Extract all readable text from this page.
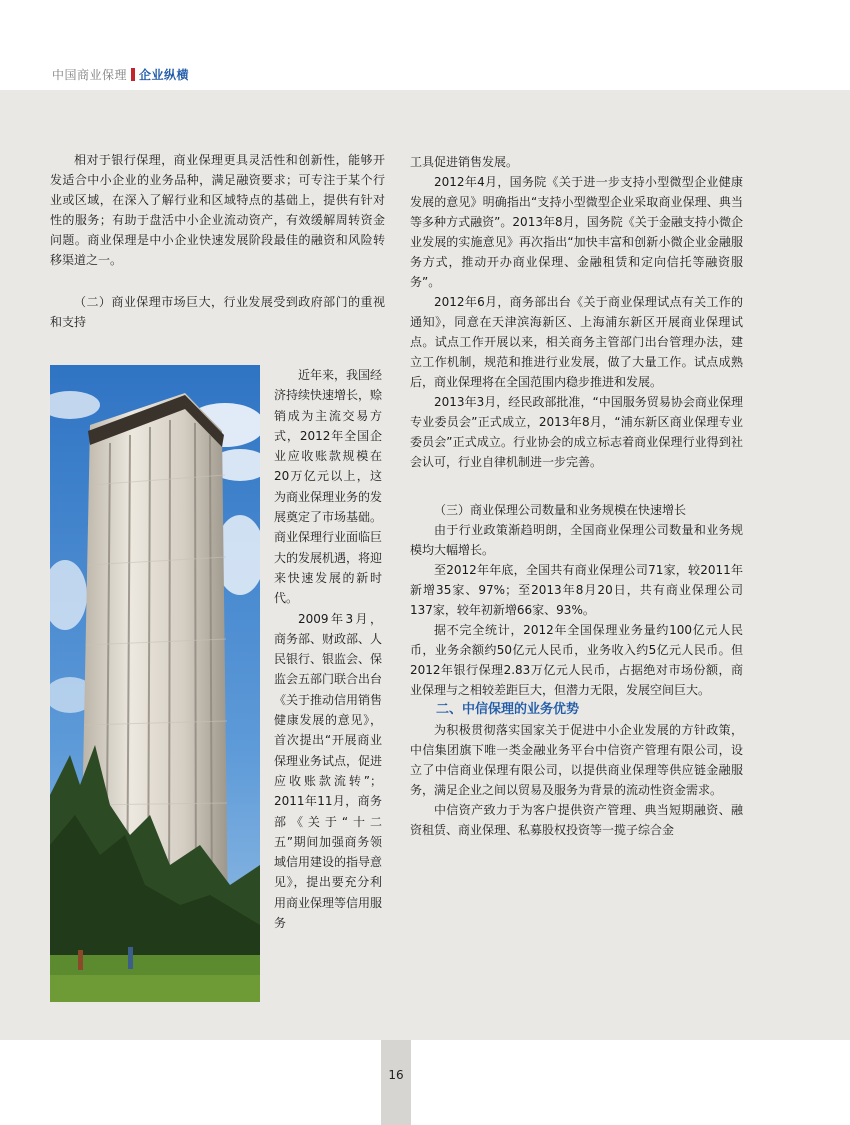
中国商业保理 企业纵横

相对于银行保理，商业保理更具灵活性和创新性，能够开发适合中小企业的业务品种，满足融资要求；可专注于某个行业或区域，在深入了解行业和区域特点的基础上，提供有针对性的服务；有助于盘活中小企业流动资产，有效缓解周转资金问题。商业保理是中小企业快速发展阶段最佳的融资和风险转移渠道之一。

（二）商业保理市场巨大，行业发展受到政府部门的重视和支持

近年来，我国经济持续快速增长，赊销成为主流交易方式，2012年全国企业应收账款规模在20万亿元以上，这为商业保理业务的发展奠定了市场基础。商业保理行业面临巨大的发展机遇，将迎来快速发展的新时代。

2009年3月，商务部、财政部、人民银行、银监会、保监会五部门联合出台《关于推动信用销售健康发展的意见》，首次提出“开展商业保理业务试点，促进应收账款流转”；2011年11月，商务部《关于“十二五”期间加强商务领域信用建设的指导意见》，提出要充分利用商业保理等信用服务

工具促进销售发展。

2012年4月，国务院《关于进一步支持小型微型企业健康发展的意见》明确指出“支持小型微型企业采取商业保理、典当等多种方式融资”。2013年8月，国务院《关于金融支持小微企业发展的实施意见》再次指出“加快丰富和创新小微企业金融服务方式，推动开办商业保理、金融租赁和定向信托等融资服务”。

2012年6月，商务部出台《关于商业保理试点有关工作的通知》，同意在天津滨海新区、上海浦东新区开展商业保理试点。试点工作开展以来，相关商务主管部门出台管理办法，建立工作机制，规范和推进行业发展，做了大量工作。试点成熟后，商业保理将在全国范围内稳步推进和发展。

2013年3月，经民政部批准，“中国服务贸易协会商业保理专业委员会”正式成立，2013年8月，“浦东新区商业保理专业委员会”正式成立。行业协会的成立标志着商业保理行业得到社会认可，行业自律机制进一步完善。

（三）商业保理公司数量和业务规模在快速增长

由于行业政策渐趋明朗，全国商业保理公司数量和业务规模均大幅增长。

至2012年年底，全国共有商业保理公司71家，较2011年新增35家、97%；至2013年8月20日，共有商业保理公司137家，较年初新增66家、93%。

据不完全统计，2012年全国保理业务量约100亿元人民币，业务余额约50亿元人民币，业务收入约5亿元人民币。但2012年银行保理2.83万亿元人民币，占据绝对市场份额，商业保理与之相较差距巨大，但潜力无限，发展空间巨大。

二、中信保理的业务优势

为积极贯彻落实国家关于促进中小企业发展的方针政策，中信集团旗下唯一类金融业务平台中信资产管理有限公司，设立了中信商业保理有限公司，以提供商业保理等供应链金融服务，满足企业之间以贸易及服务为背景的流动性资金需求。

中信资产致力于为客户提供资产管理、典当短期融资、融资租赁、商业保理、私募股权投资等一揽子综合金

16
